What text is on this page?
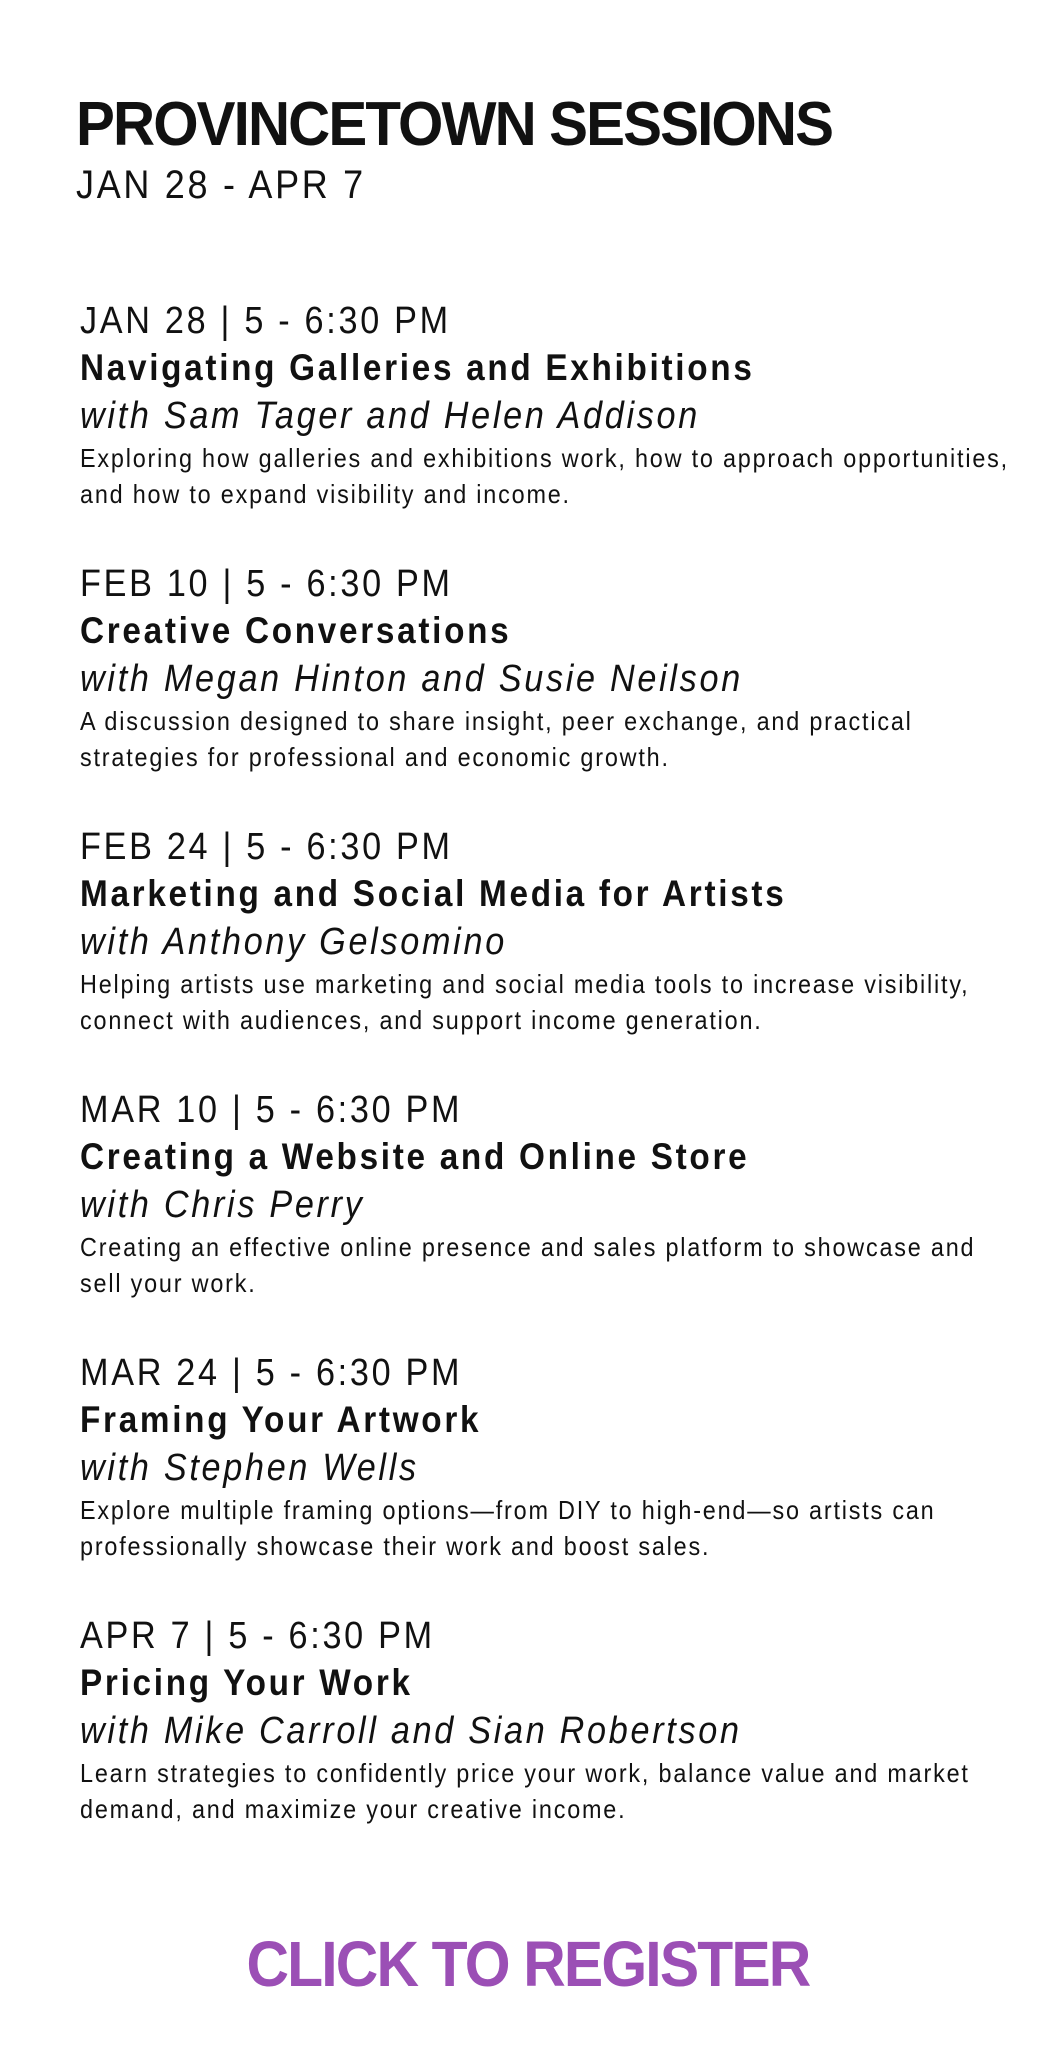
PROVINCETOWN SESSIONS
JAN 28 - APR 7
JAN 28 | 5 - 6:30 PM
Navigating Galleries and Exhibitions
with Sam Tager and Helen Addison
Exploring how galleries and exhibitions work, how to approach opportunities, and how to expand visibility and income.
FEB 10 | 5 - 6:30 PM
Creative Conversations
with Megan Hinton and Susie Neilson
A discussion designed to share insight, peer exchange, and practical strategies for professional and economic growth.
FEB 24 | 5 - 6:30 PM
Marketing and Social Media for Artists
with Anthony Gelsomino
Helping artists use marketing and social media tools to increase visibility, connect with audiences, and support income generation.
MAR 10 | 5 - 6:30 PM
Creating a Website and Online Store
with Chris Perry
Creating an effective online presence and sales platform to showcase and sell your work.
MAR 24 | 5 - 6:30 PM
Framing Your Artwork
with Stephen Wells
Explore multiple framing options—from DIY to high-end—so artists can professionally showcase their work and boost sales.
APR 7 | 5 - 6:30 PM
Pricing Your Work
with Mike Carroll and Sian Robertson
Learn strategies to confidently price your work, balance value and market demand, and maximize your creative income.
CLICK TO REGISTER
